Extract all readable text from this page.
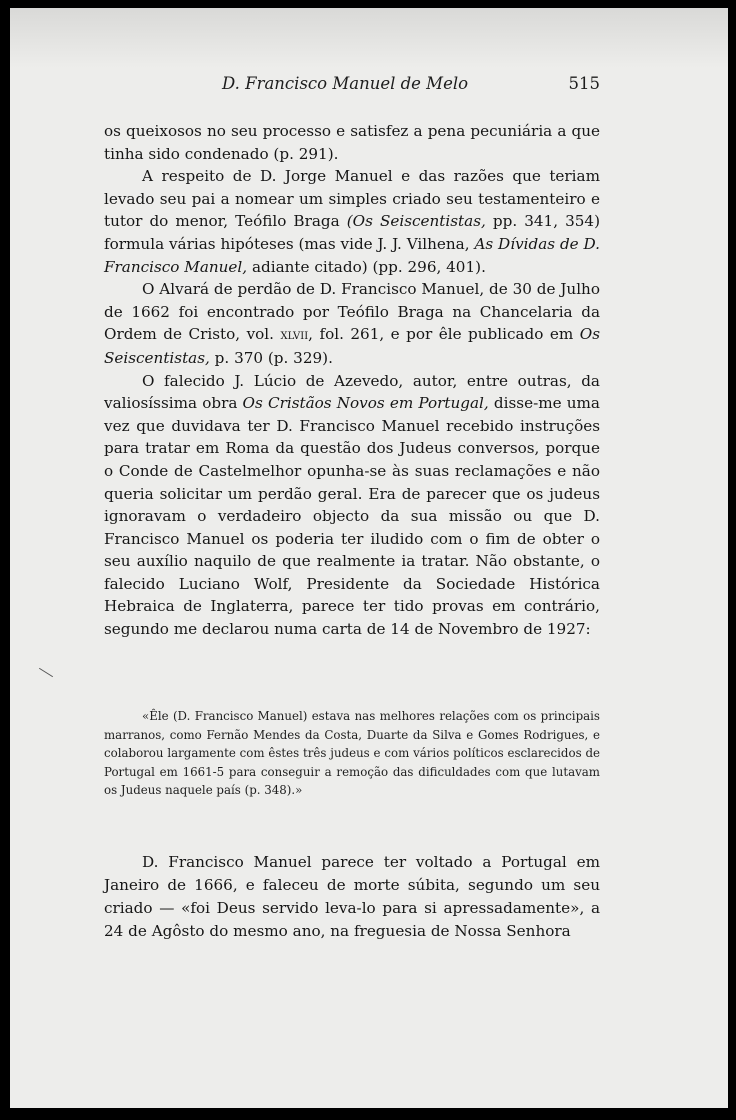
D. Francisco Manuel de Melo	515

os queixosos no seu processo e satisfez a pena pecuniária a que tinha sido condenado (p. 291).

A respeito de D. Jorge Manuel e das razões que teriam levado seu pai a nomear um simples criado seu testamenteiro e tutor do menor, Teófilo Braga (Os Seiscentistas, pp. 341, 354) formula várias hipóteses (mas vide J. J. Vilhena, As Dívidas de D. Francisco Manuel, adiante citado) (pp. 296, 401).

O Alvará de perdão de D. Francisco Manuel, de 30 de Julho de 1662 foi encontrado por Teófilo Braga na Chancelaria da Ordem de Cristo, vol. xlvii, fol. 261, e por êle publicado em Os Seiscentistas, p. 370 (p. 329).

O falecido J. Lúcio de Azevedo, autor, entre outras, da valiosíssima obra Os Cristãos Novos em Portugal, disse-me uma vez que duvidava ter D. Francisco Manuel recebido instruções para tratar em Roma da questão dos Judeus conversos, porque o Conde de Castelmelhor opunha-se às suas reclamações e não queria solicitar um perdão geral. Era de parecer que os judeus ignoravam o verdadeiro objecto da sua missão ou que D. Francisco Manuel os poderia ter iludido com o fim de obter o seu auxílio naquilo de que realmente ia tratar. Não obstante, o falecido Luciano Wolf, Presidente da Sociedade Histórica Hebraica de Inglaterra, parece ter tido provas em contrário, segundo me declarou numa carta de 14 de Novembro de 1927:

«Êle (D. Francisco Manuel) estava nas melhores relações com os principais marranos, como Fernão Mendes da Costa, Duarte da Silva e Gomes Rodrigues, e colaborou largamente com êstes três judeus e com vários políticos esclarecidos de Portugal em 1661-5 para conseguir a remoção das dificuldades com que lutavam os Judeus naquele país (p. 348).»
D. Francisco Manuel parece ter voltado a Portugal em Janeiro de 1666, e faleceu de morte súbita, segundo um seu criado — «foi Deus servido leva-lo para si apressadamente», a 24 de Agôsto do mesmo ano, na freguesia de Nossa Senhora
